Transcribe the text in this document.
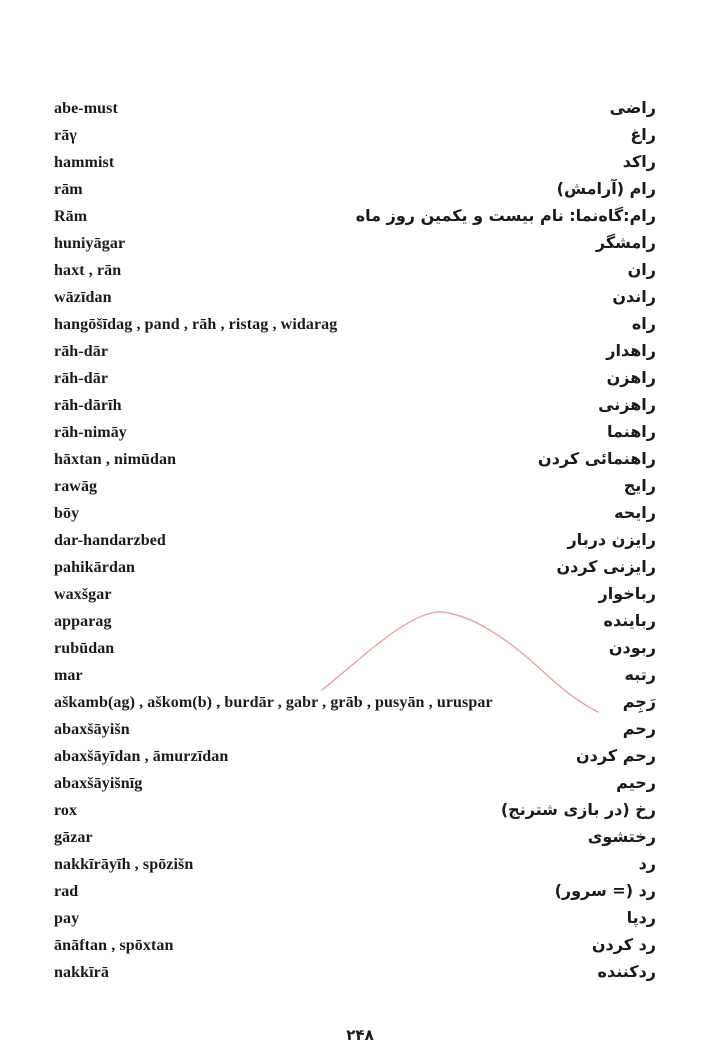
abe-must	راضی
rāγ	راغ
hammist	راکد
rām	رام (آرامش)
Rām	رام:گاه‌نما: نام بیست و یکمین روز ماه
huniyāgar	رامشگر
haxt , rān	ران
wāzīdan	راندن
hangōšīdag , pand , rāh , ristag , widarag	راه
rāh-dār	راهدار
rāh-dār	راهزن
rāh-dārīh	راهزنی
rāh-nimāy	راهنما
hāxtan , nimūdan	راهنمائی کردن
rawāg	رایج
bōy	رایحه
dar-handarzbed	رایزن دربار
pahikārdan	رایزنی کردن
waxšgar	رباخوار
apparag	رباینده
rubūdan	ربودن
mar	رتبه
aškamb(ag) , aškom(b) , burdār , gabr , grāb , pusyān , uruspar	رَجِم
abaxšāyišn	رحم
abaxšāyīdan , āmurzīdan	رحم کردن
abaxšāyišnīg	رحیم
rox	رخ (در بازی شترنج)
gāzar	رختشوی
nakkīrāyīh , spōzišn	رد
rad	رد (= سرور)
pay	ردپا
ānāftan , spōxtan	رد کردن
nakkīrā	ردکننده
۲۴۸
